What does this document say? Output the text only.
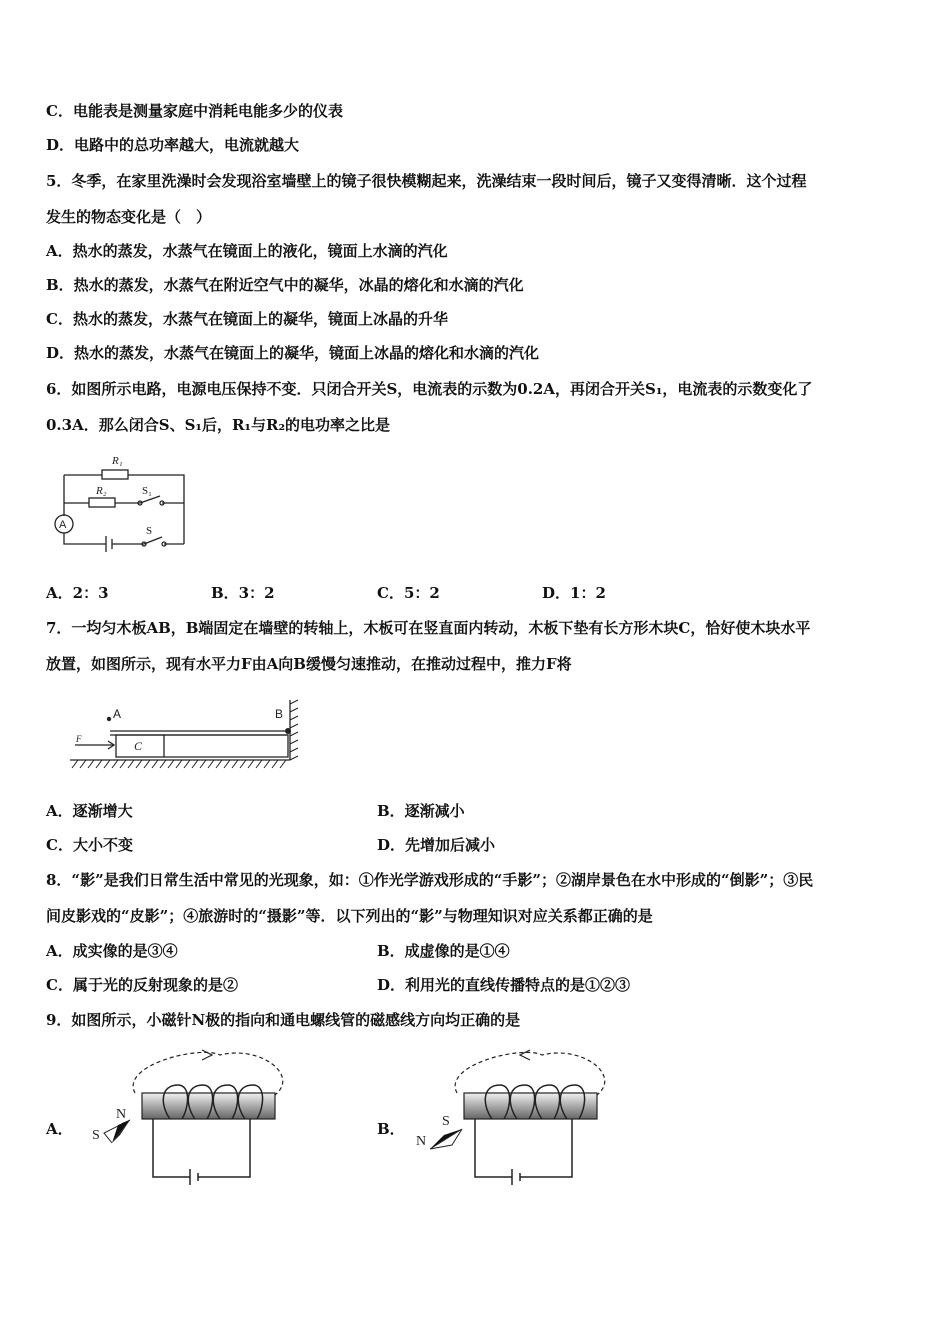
C．电能表是测量家庭中消耗电能多少的仪表
D．电路中的总功率越大，电流就越大
5．冬季，在家里洗澡时会发现浴室墙壁上的镜子很快模糊起来，洗澡结束一段时间后，镜子又变得清晰．这个过程
发生的物态变化是（　）
A．热水的蒸发，水蒸气在镜面上的液化，镜面上水滴的汽化
B．热水的蒸发，水蒸气在附近空气中的凝华，冰晶的熔化和水滴的汽化
C．热水的蒸发，水蒸气在镜面上的凝华，镜面上冰晶的升华
D．热水的蒸发，水蒸气在镜面上的凝华，镜面上冰晶的熔化和水滴的汽化
6．如图所示电路，电源电压保持不变．只闭合开关S，电流表的示数为0.2A，再闭合开关S₁，电流表的示数变化了
0.3A．那么闭合S、S₁后，R₁与R₂的电功率之比是
R₁
R₂	S₁
S
A
A．2：3	B．3：2	C．5：2	D．1：2
7．一均匀木板AB，B端固定在墙壁的转轴上，木板可在竖直面内转动，木板下垫有长方形木块C，恰好使木块水平
放置，如图所示，现有水平力F由A向B缓慢匀速推动，在推动过程中，推力F将
A	B
C
F
A．逐渐增大	B．逐渐减小
C．大小不变	D．先增加后减小
8．“影”是我们日常生活中常见的光现象，如：①作光学游戏形成的“手影”；②湖岸景色在水中形成的“倒影”；③民
间皮影戏的“皮影”；④旅游时的“摄影”等．以下列出的“影”与物理知识对应关系都正确的是
A．成实像的是③④	B．成虚像的是①④
C．属于光的反射现象的是②	D．利用光的直线传播特点的是①②③
9．如图所示，小磁针N极的指向和通电螺线管的磁感线方向均正确的是
A．	B．
N
S
S
N
